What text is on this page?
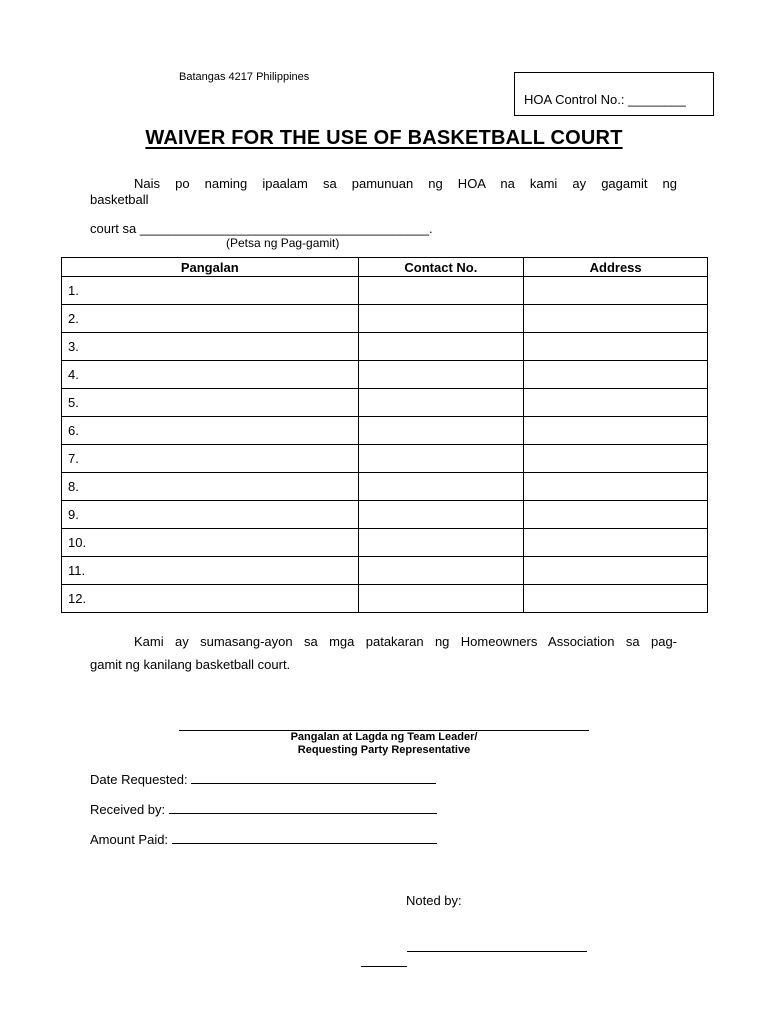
Batangas 4217 Philippines
HOA Control No.: ________
WAIVER FOR THE USE OF BASKETBALL COURT
Nais po naming ipaalam sa pamunuan ng HOA na kami ay gagamit ng
basketball
court sa ________________________________________.
(Petsa ng Pag-gamit)
Pangalan	Contact No.	Address
1.		
2.		
3.		
4.		
5.		
6.		
7.		
8.		
9.		
10.		
11.		
12.		
Kami ay sumasang-ayon sa mga patakaran ng Homeowners Association sa pag-
gamit ng kanilang basketball court.
Pangalan at Lagda ng Team Leader/
Requesting Party Representative
Date Requested:
Received by:
Amount Paid:
Noted by:
